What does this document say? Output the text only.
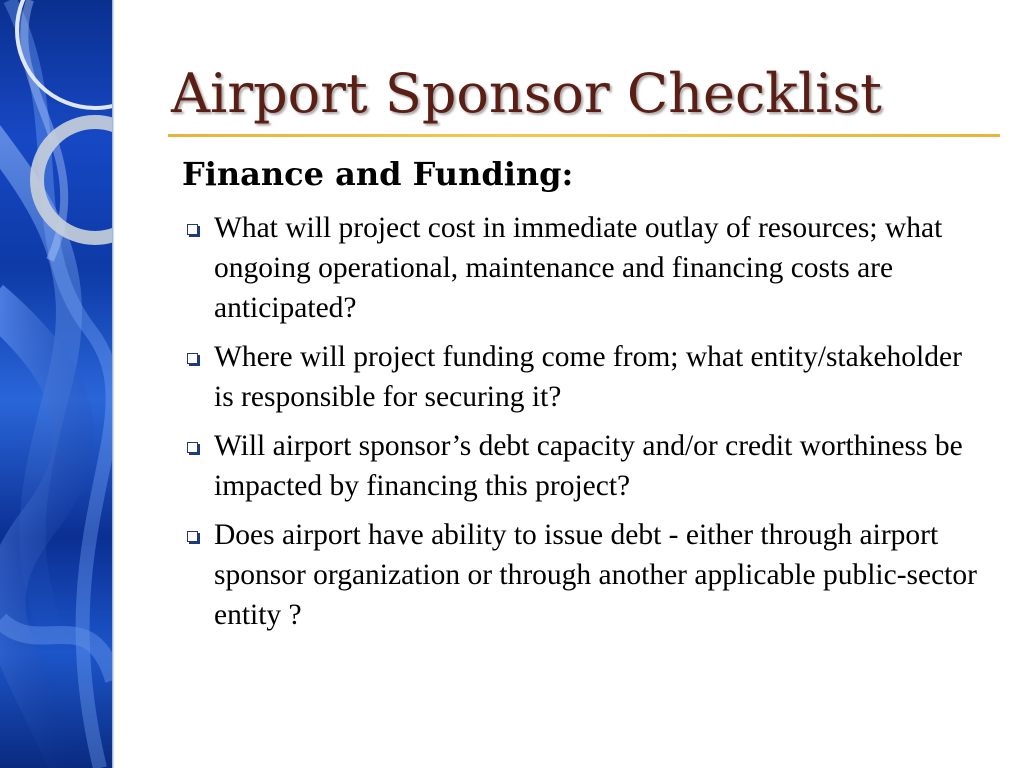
Airport Sponsor Checklist
Finance and Funding:
What will project cost in immediate outlay of resources; what ongoing operational, maintenance and financing costs are anticipated?
Where will project funding come from; what entity/stakeholder is responsible for securing it?
Will airport sponsor’s debt capacity and/or credit worthiness be impacted by financing this project?
Does airport have ability to issue debt - either through airport sponsor organization or through another applicable public-sector entity ?
